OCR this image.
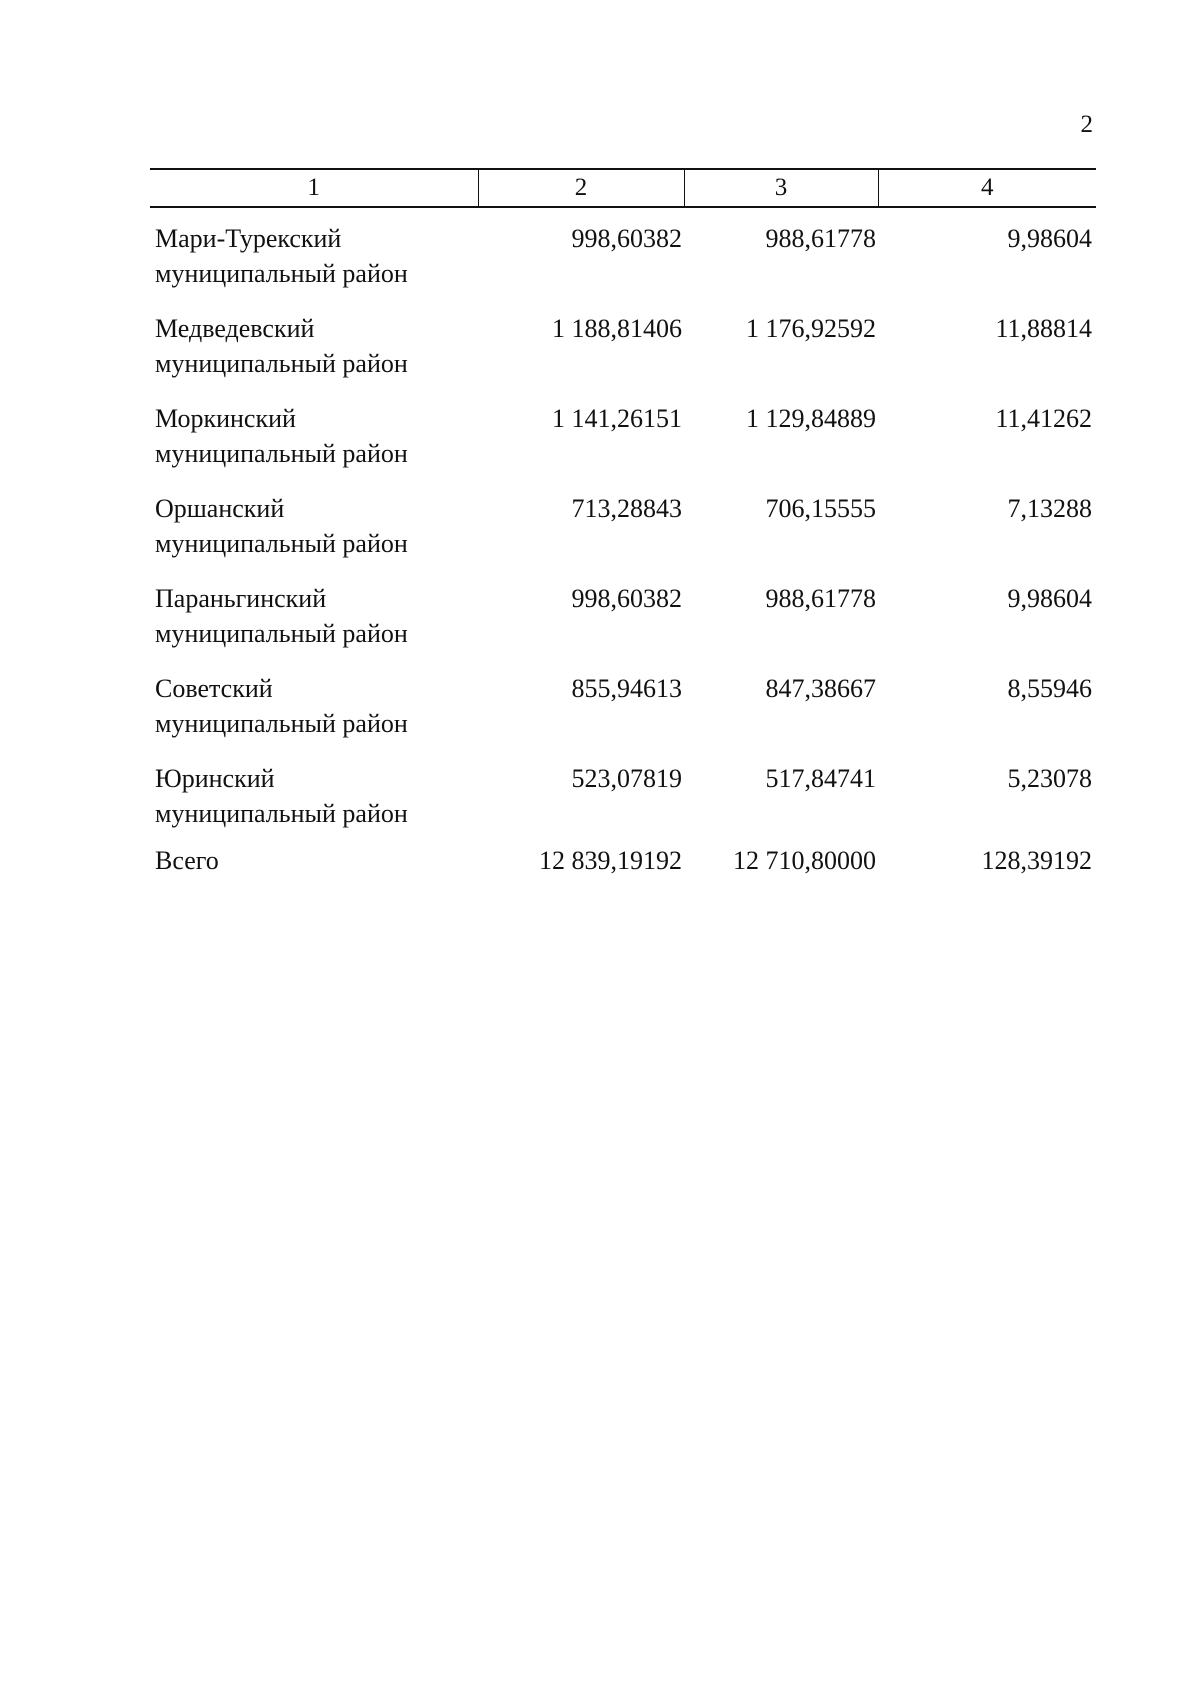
2
1	2	3	4

Мари-Турекский
муниципальный район	998,60382	988,61778	9,98604

Медведевский
муниципальный район	1 188,81406	1 176,92592	11,88814

Моркинский
муниципальный район	1 141,26151	1 129,84889	11,41262

Оршанский
муниципальный район	713,28843	706,15555	7,13288

Параньгинский
муниципальный район	998,60382	988,61778	9,98604

Советский
муниципальный район	855,94613	847,38667	8,55946

Юринский
муниципальный район	523,07819	517,84741	5,23078
Всего	12 839,19192	12 710,80000	128,39192
